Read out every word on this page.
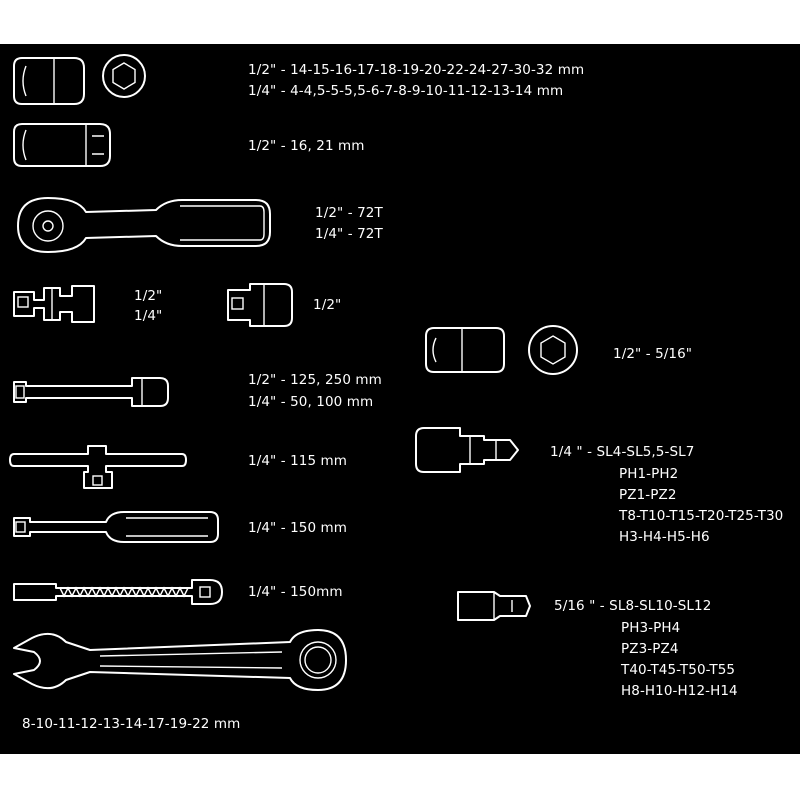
1/2" - 14-15-16-17-18-19-20-22-24-27-30-32 mm
1/4" - 4-4,5-5-5,5-6-7-8-9-10-11-12-13-14 mm
1/2" - 16, 21 mm
1/2" - 72T
1/4" - 72T
1/2"
1/4"
1/2"
1/2" - 5/16"
1/2" - 125, 250 mm
1/4" - 50, 100 mm
1/4" - 115 mm
1/4 " - SL4-SL5,5-SL7
PH1-PH2
PZ1-PZ2
T8-T10-T15-T20-T25-T30
H3-H4-H5-H6
1/4" - 150 mm
1/4" - 150mm
5/16 " - SL8-SL10-SL12
PH3-PH4
PZ3-PZ4
T40-T45-T50-T55
H8-H10-H12-H14
8-10-11-12-13-14-17-19-22 mm
